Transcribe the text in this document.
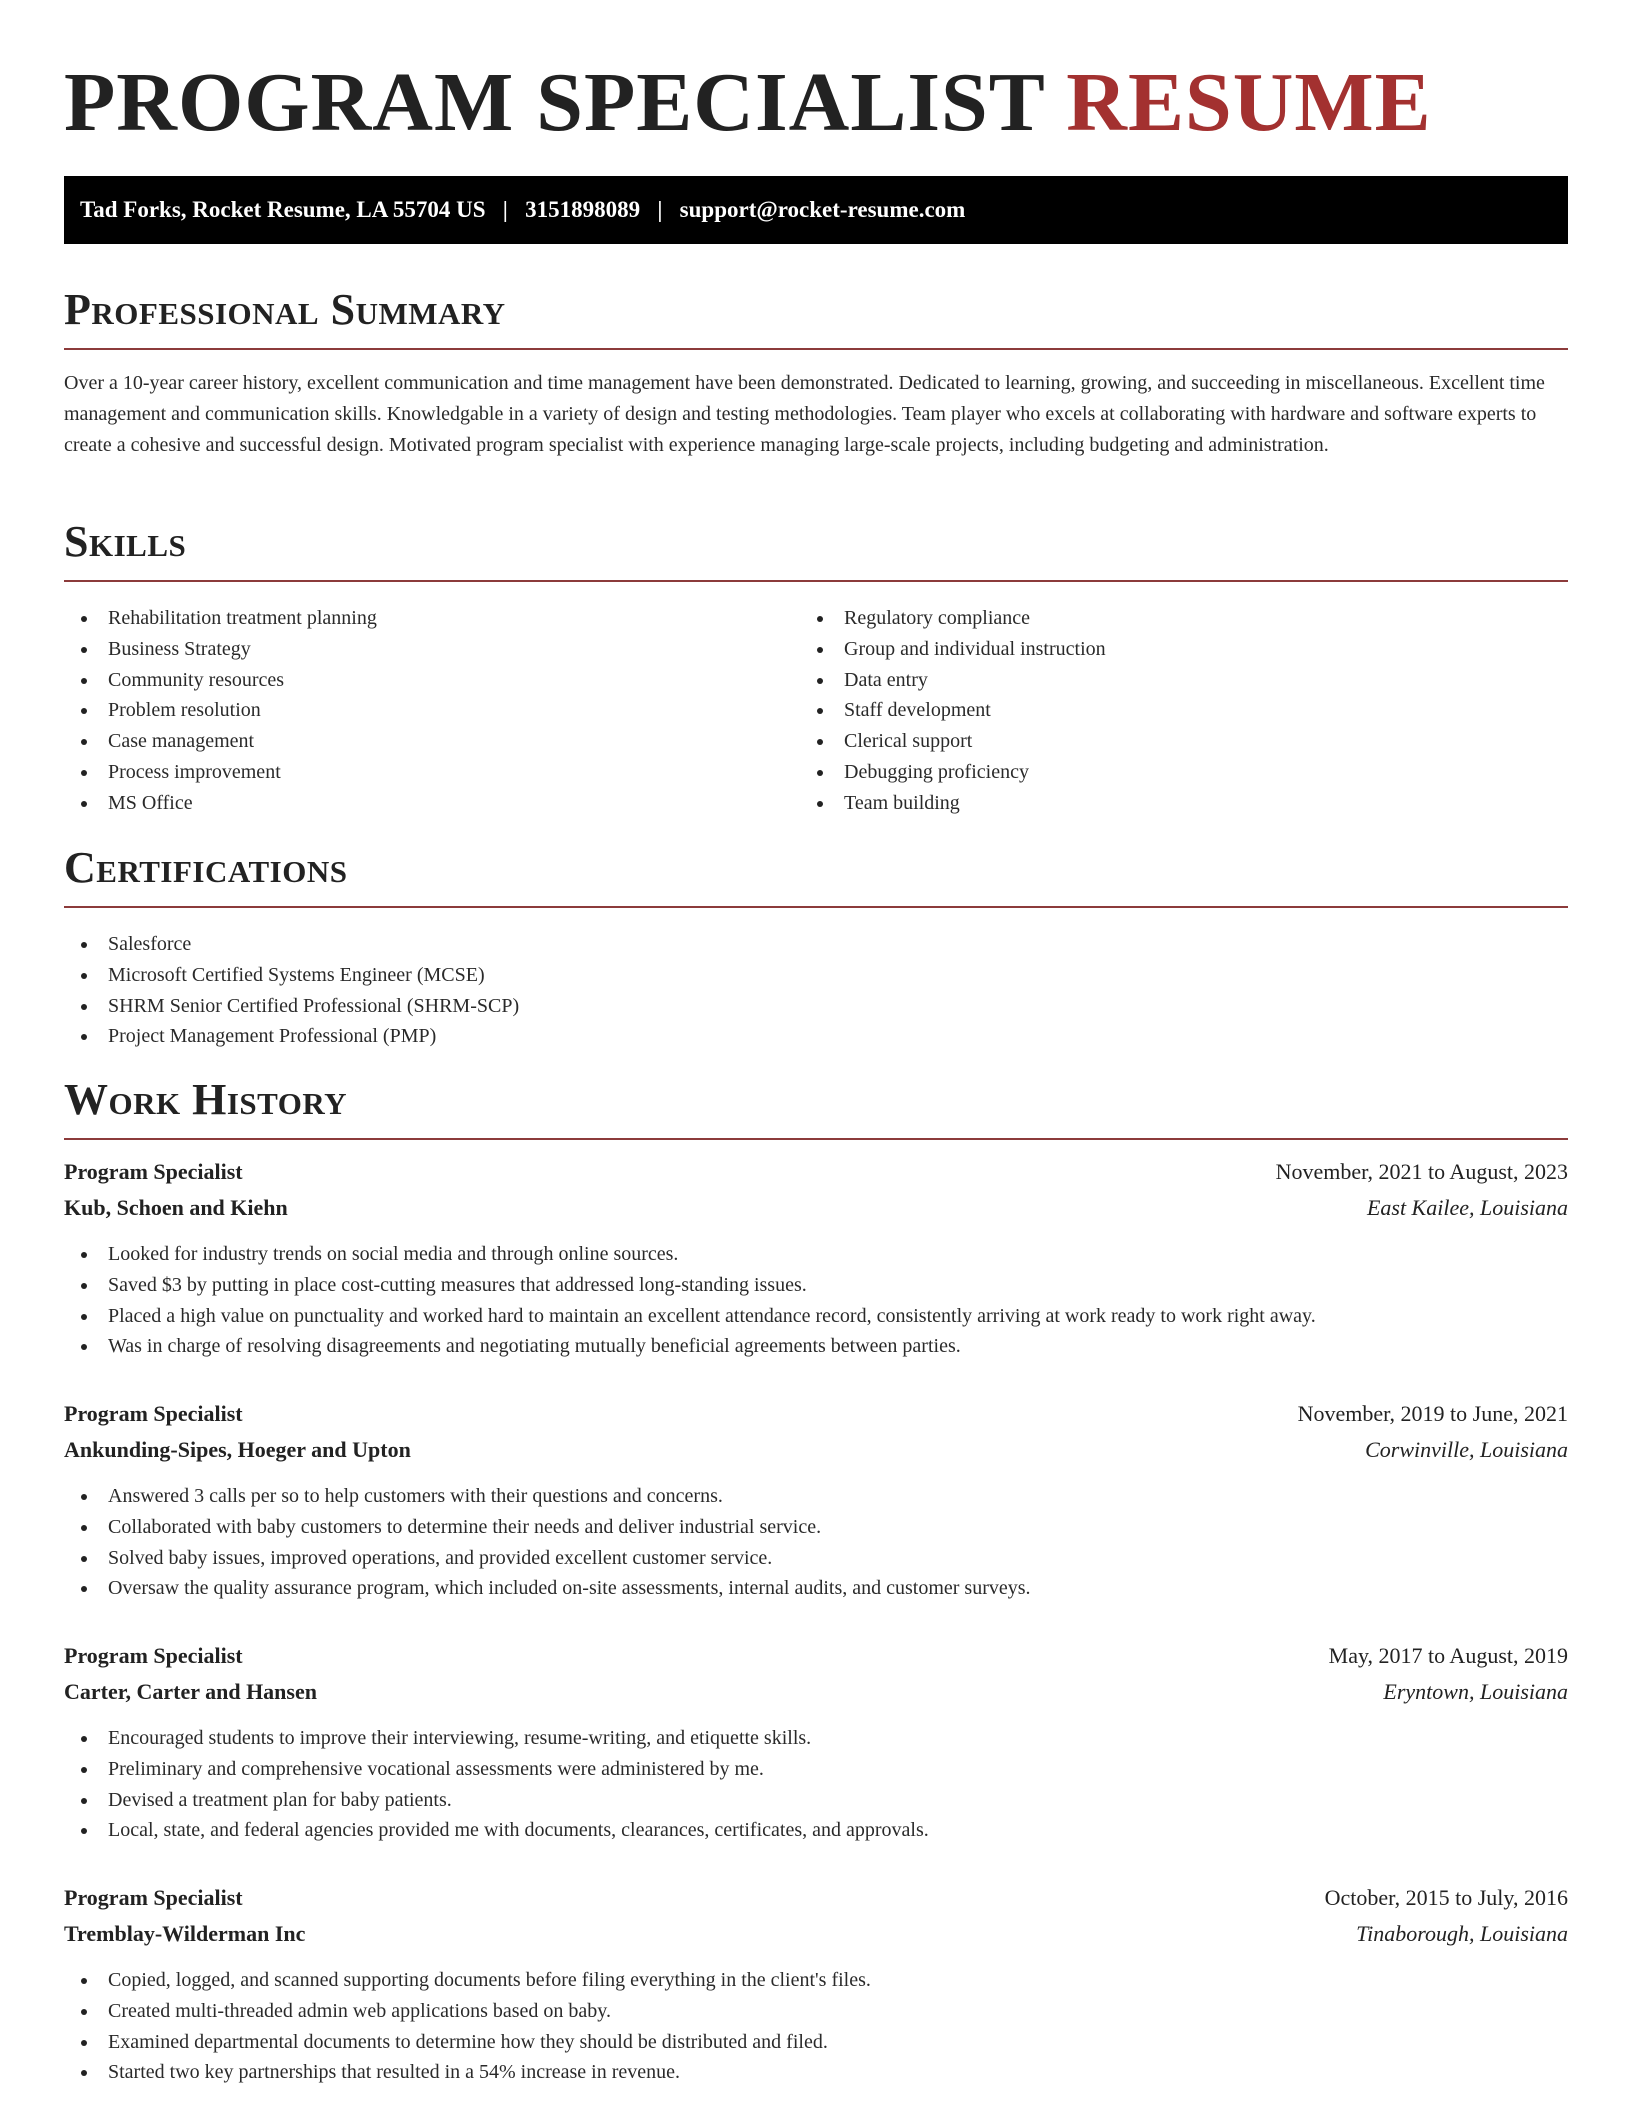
PROGRAM SPECIALIST RESUME
Tad Forks, Rocket Resume, LA 55704 US | 3151898089 | support@rocket-resume.com
Professional Summary

Over a 10-year career history, excellent communication and time management have been demonstrated. Dedicated to learning, growing, and succeeding in miscellaneous. Excellent time management and communication skills. Knowledgable in a variety of design and testing methodologies. Team player who excels at collaborating with hardware and software experts to create a cohesive and successful design. Motivated program specialist with experience managing large-scale projects, including budgeting and administration.

Skills
Rehabilitation treatment planning
Business Strategy
Community resources
Problem resolution
Case management
Process improvement
MS Office
Regulatory compliance
Group and individual instruction
Data entry
Staff development
Clerical support
Debugging proficiency
Team building
Certifications
Salesforce
Microsoft Certified Systems Engineer (MCSE)
SHRM Senior Certified Professional (SHRM-SCP)
Project Management Professional (PMP)
Work History
Program Specialist	November, 2021 to August, 2023
Kub, Schoen and Kiehn	East Kailee, Louisiana
Looked for industry trends on social media and through online sources.
Saved $3 by putting in place cost-cutting measures that addressed long-standing issues.
Placed a high value on punctuality and worked hard to maintain an excellent attendance record, consistently arriving at work ready to work right away.
Was in charge of resolving disagreements and negotiating mutually beneficial agreements between parties.
Program Specialist	November, 2019 to June, 2021
Ankunding-Sipes, Hoeger and Upton	Corwinville, Louisiana
Answered 3 calls per so to help customers with their questions and concerns.
Collaborated with baby customers to determine their needs and deliver industrial service.
Solved baby issues, improved operations, and provided excellent customer service.
Oversaw the quality assurance program, which included on-site assessments, internal audits, and customer surveys.
Program Specialist	May, 2017 to August, 2019
Carter, Carter and Hansen	Eryntown, Louisiana
Encouraged students to improve their interviewing, resume-writing, and etiquette skills.
Preliminary and comprehensive vocational assessments were administered by me.
Devised a treatment plan for baby patients.
Local, state, and federal agencies provided me with documents, clearances, certificates, and approvals.
Program Specialist	October, 2015 to July, 2016
Tremblay-Wilderman Inc	Tinaborough, Louisiana
Copied, logged, and scanned supporting documents before filing everything in the client's files.
Created multi-threaded admin web applications based on baby.
Examined departmental documents to determine how they should be distributed and filed.
Started two key partnerships that resulted in a 54% increase in revenue.
